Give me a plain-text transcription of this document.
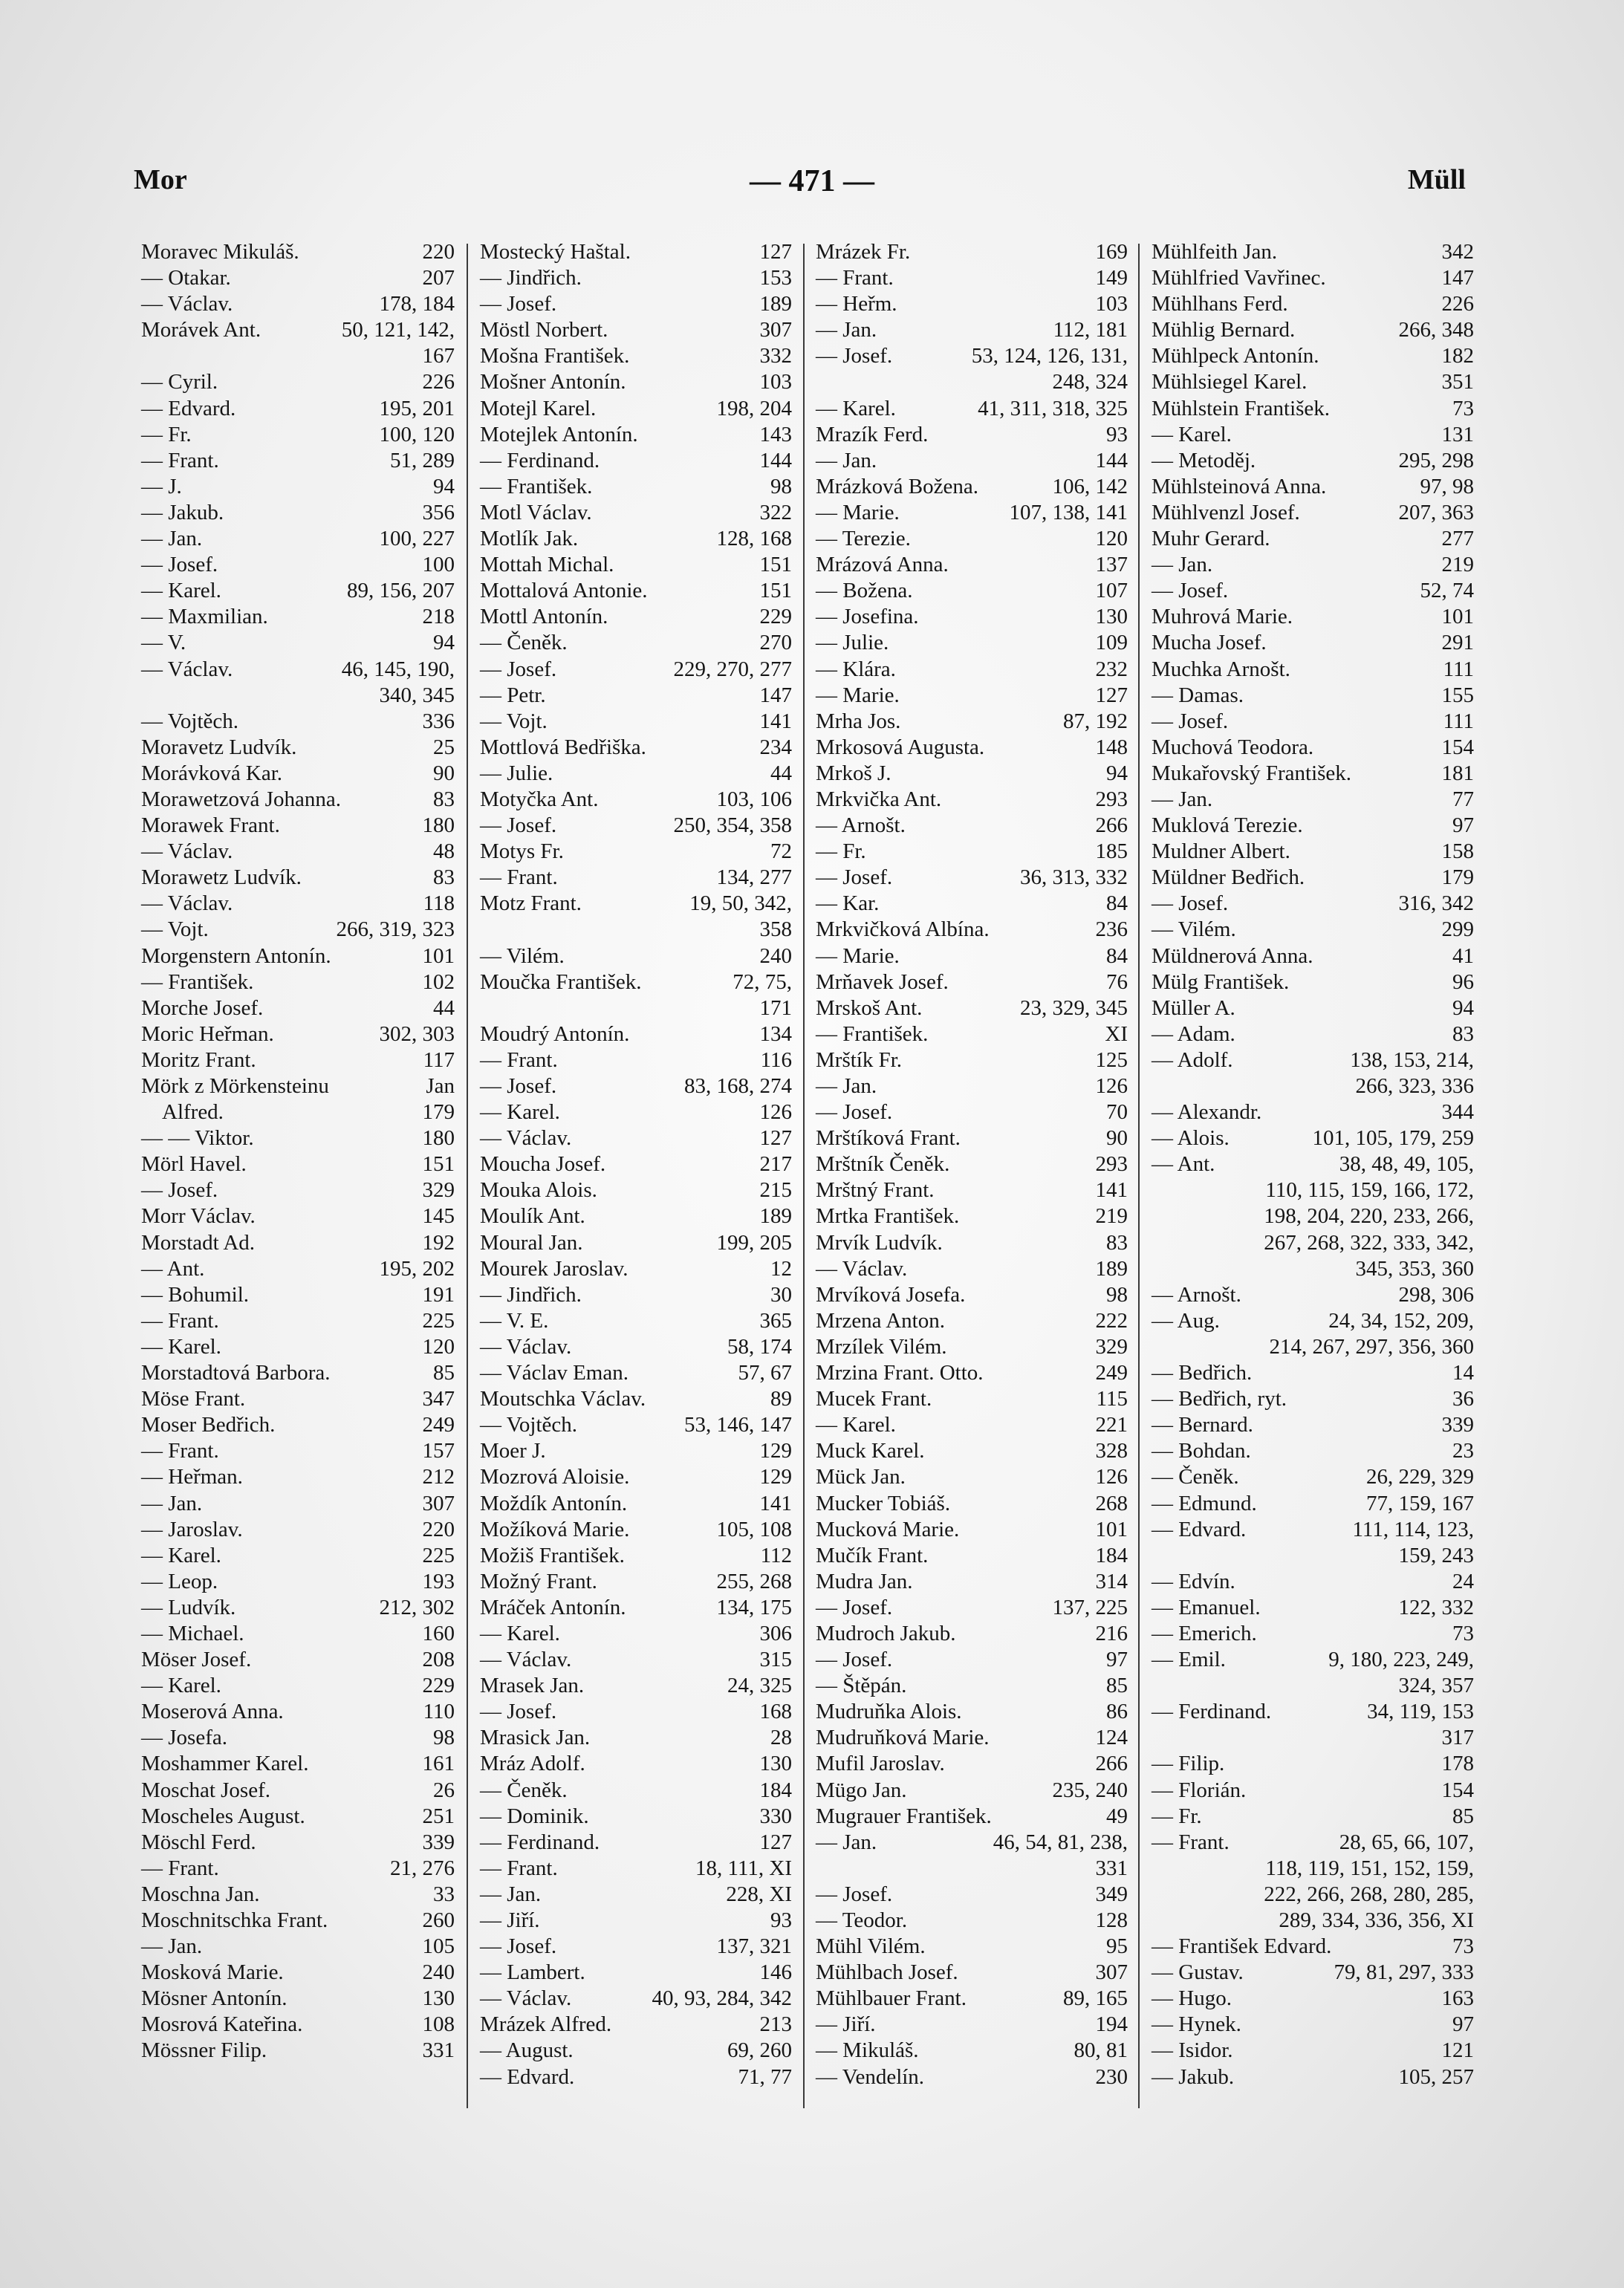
Mor	— 471 —	Müll
Moravec Mikuláš.	220
— Otakar.	207
— Václav.	178, 184
Morávek Ant.	50, 121, 142,
167
— Cyril.	226
— Edvard.	195, 201
— Fr.	100, 120
— Frant.	51, 289
— J.	94
— Jakub.	356
— Jan.	100, 227
— Josef.	100
— Karel.	89, 156, 207
— Maxmilian.	218
— V.	94
— Václav.	46, 145, 190,
340, 345
— Vojtěch.	336
Moravetz Ludvík.	25
Morávková Kar.	90
Morawetzová Johanna.	83
Morawek Frant.	180
— Václav.	48
Morawetz Ludvík.	83
— Václav.	118
— Vojt.	266, 319, 323
Morgenstern Antonín.	101
— František.	102
Morche Josef.	44
Moric Heřman.	302, 303
Moritz Frant.	117
Mörk z Mörkensteinu	Jan
Alfred.	179
— — Viktor.	180
Mörl Havel.	151
— Josef.	329
Morr Václav.	145
Morstadt Ad.	192
— Ant.	195, 202
— Bohumil.	191
— Frant.	225
— Karel.	120
Morstadtová Barbora.	85
Möse Frant.	347
Moser Bedřich.	249
— Frant.	157
— Heřman.	212
— Jan.	307
— Jaroslav.	220
— Karel.	225
— Leop.	193
— Ludvík.	212, 302
— Michael.	160
Möser Josef.	208
— Karel.	229
Moserová Anna.	110
— Josefa.	98
Moshammer Karel.	161
Moschat Josef.	26
Moscheles August.	251
Möschl Ferd.	339
— Frant.	21, 276
Moschna Jan.	33
Moschnitschka Frant.	260
— Jan.	105
Mosková Marie.	240
Mösner Antonín.	130
Mosrová Kateřina.	108
Mössner Filip.	331
Mostecký Haštal.	127
— Jindřich.	153
— Josef.	189
Möstl Norbert.	307
Mošna František.	332
Mošner Antonín.	103
Motejl Karel.	198, 204
Motejlek Antonín.	143
— Ferdinand.	144
— František.	98
Motl Václav.	322
Motlík Jak.	128, 168
Mottah Michal.	151
Mottalová Antonie.	151
Mottl Antonín.	229
— Čeněk.	270
— Josef.	229, 270, 277
— Petr.	147
— Vojt.	141
Mottlová Bedřiška.	234
— Julie.	44
Motyčka Ant.	103, 106
— Josef.	250, 354, 358
Motys Fr.	72
— Frant.	134, 277
Motz Frant.	19, 50, 342,
358
— Vilém.	240
Moučka František.	72, 75,
171
Moudrý Antonín.	134
— Frant.	116
— Josef.	83, 168, 274
— Karel.	126
— Václav.	127
Moucha Josef.	217
Mouka Alois.	215
Moulík Ant.	189
Moural Jan.	199, 205
Mourek Jaroslav.	12
— Jindřich.	30
— V. E.	365
— Václav.	58, 174
— Václav Eman.	57, 67
Moutschka Václav.	89
— Vojtěch.	53, 146, 147
Moer J.	129
Mozrová Aloisie.	129
Moždík Antonín.	141
Možíková Marie.	105, 108
Možiš František.	112
Možný Frant.	255, 268
Mráček Antonín.	134, 175
— Karel.	306
— Václav.	315
Mrasek Jan.	24, 325
— Josef.	168
Mrasick Jan.	28
Mráz Adolf.	130
— Čeněk.	184
— Dominik.	330
— Ferdinand.	127
— Frant.	18, 111, XI
— Jan.	228, XI
— Jiří.	93
— Josef.	137, 321
— Lambert.	146
— Václav.	40, 93, 284, 342
Mrázek Alfred.	213
— August.	69, 260
— Edvard.	71, 77
Mrázek Fr.	169
— Frant.	149
— Heřm.	103
— Jan.	112, 181
— Josef.	53, 124, 126, 131,
248, 324
— Karel.	41, 311, 318, 325
Mrazík Ferd.	93
— Jan.	144
Mrázková Božena.	106, 142
— Marie.	107, 138, 141
— Terezie.	120
Mrázová Anna.	137
— Božena.	107
— Josefina.	130
— Julie.	109
— Klára.	232
— Marie.	127
Mrha Jos.	87, 192
Mrkosová Augusta.	148
Mrkoš J.	94
Mrkvička Ant.	293
— Arnošt.	266
— Fr.	185
— Josef.	36, 313, 332
— Kar.	84
Mrkvičková Albína.	236
— Marie.	84
Mrňavek Josef.	76
Mrskoš Ant.	23, 329, 345
— František.	XI
Mrštík Fr.	125
— Jan.	126
— Josef.	70
Mrštíková Frant.	90
Mrštník Čeněk.	293
Mrštný Frant.	141
Mrtka František.	219
Mrvík Ludvík.	83
— Václav.	189
Mrvíková Josefa.	98
Mrzena Anton.	222
Mrzílek Vilém.	329
Mrzina Frant. Otto.	249
Mucek Frant.	115
— Karel.	221
Muck Karel.	328
Mück Jan.	126
Mucker Tobiáš.	268
Mucková Marie.	101
Mučík Frant.	184
Mudra Jan.	314
— Josef.	137, 225
Mudroch Jakub.	216
— Josef.	97
— Štěpán.	85
Mudruňka Alois.	86
Mudruňková Marie.	124
Mufil Jaroslav.	266
Mügo Jan.	235, 240
Mugrauer František.	49
— Jan.	46, 54, 81, 238,
331
— Josef.	349
— Teodor.	128
Mühl Vilém.	95
Mühlbach Josef.	307
Mühlbauer Frant.	89, 165
— Jiří.	194
— Mikuláš.	80, 81
— Vendelín.	230
Mühlfeith Jan.	342
Mühlfried Vavřinec.	147
Mühlhans Ferd.	226
Mühlig Bernard.	266, 348
Mühlpeck Antonín.	182
Mühlsiegel Karel.	351
Mühlstein František.	73
— Karel.	131
— Metoděj.	295, 298
Mühlsteinová Anna.	97, 98
Mühlvenzl Josef.	207, 363
Muhr Gerard.	277
— Jan.	219
— Josef.	52, 74
Muhrová Marie.	101
Mucha Josef.	291
Muchka Arnošt.	111
— Damas.	155
— Josef.	111
Muchová Teodora.	154
Mukařovský František.	181
— Jan.	77
Muklová Terezie.	97
Muldner Albert.	158
Müldner Bedřich.	179
— Josef.	316, 342
— Vilém.	299
Müldnerová Anna.	41
Mülg František.	96
Müller A.	94
— Adam.	83
— Adolf.	138, 153, 214,
266, 323, 336
— Alexandr.	344
— Alois.	101, 105, 179, 259
— Ant.	38, 48, 49, 105,
110, 115, 159, 166, 172,
198, 204, 220, 233, 266,
267, 268, 322, 333, 342,
345, 353, 360
— Arnošt.	298, 306
— Aug.	24, 34, 152, 209,
214, 267, 297, 356, 360
— Bedřich.	14
— Bedřich, ryt.	36
— Bernard.	339
— Bohdan.	23
— Čeněk.	26, 229, 329
— Edmund.	77, 159, 167
— Edvard.	111, 114, 123,
159, 243
— Edvín.	24
— Emanuel.	122, 332
— Emerich.	73
— Emil.	9, 180, 223, 249,
324, 357
— Ferdinand.	34, 119, 153
317
— Filip.	178
— Florián.	154
— Fr.	85
— Frant.	28, 65, 66, 107,
118, 119, 151, 152, 159,
222, 266, 268, 280, 285,
289, 334, 336, 356, XI
— František Edvard.	73
— Gustav.	79, 81, 297, 333
— Hugo.	163
— Hynek.	97
— Isidor.	121
— Jakub.	105, 257
